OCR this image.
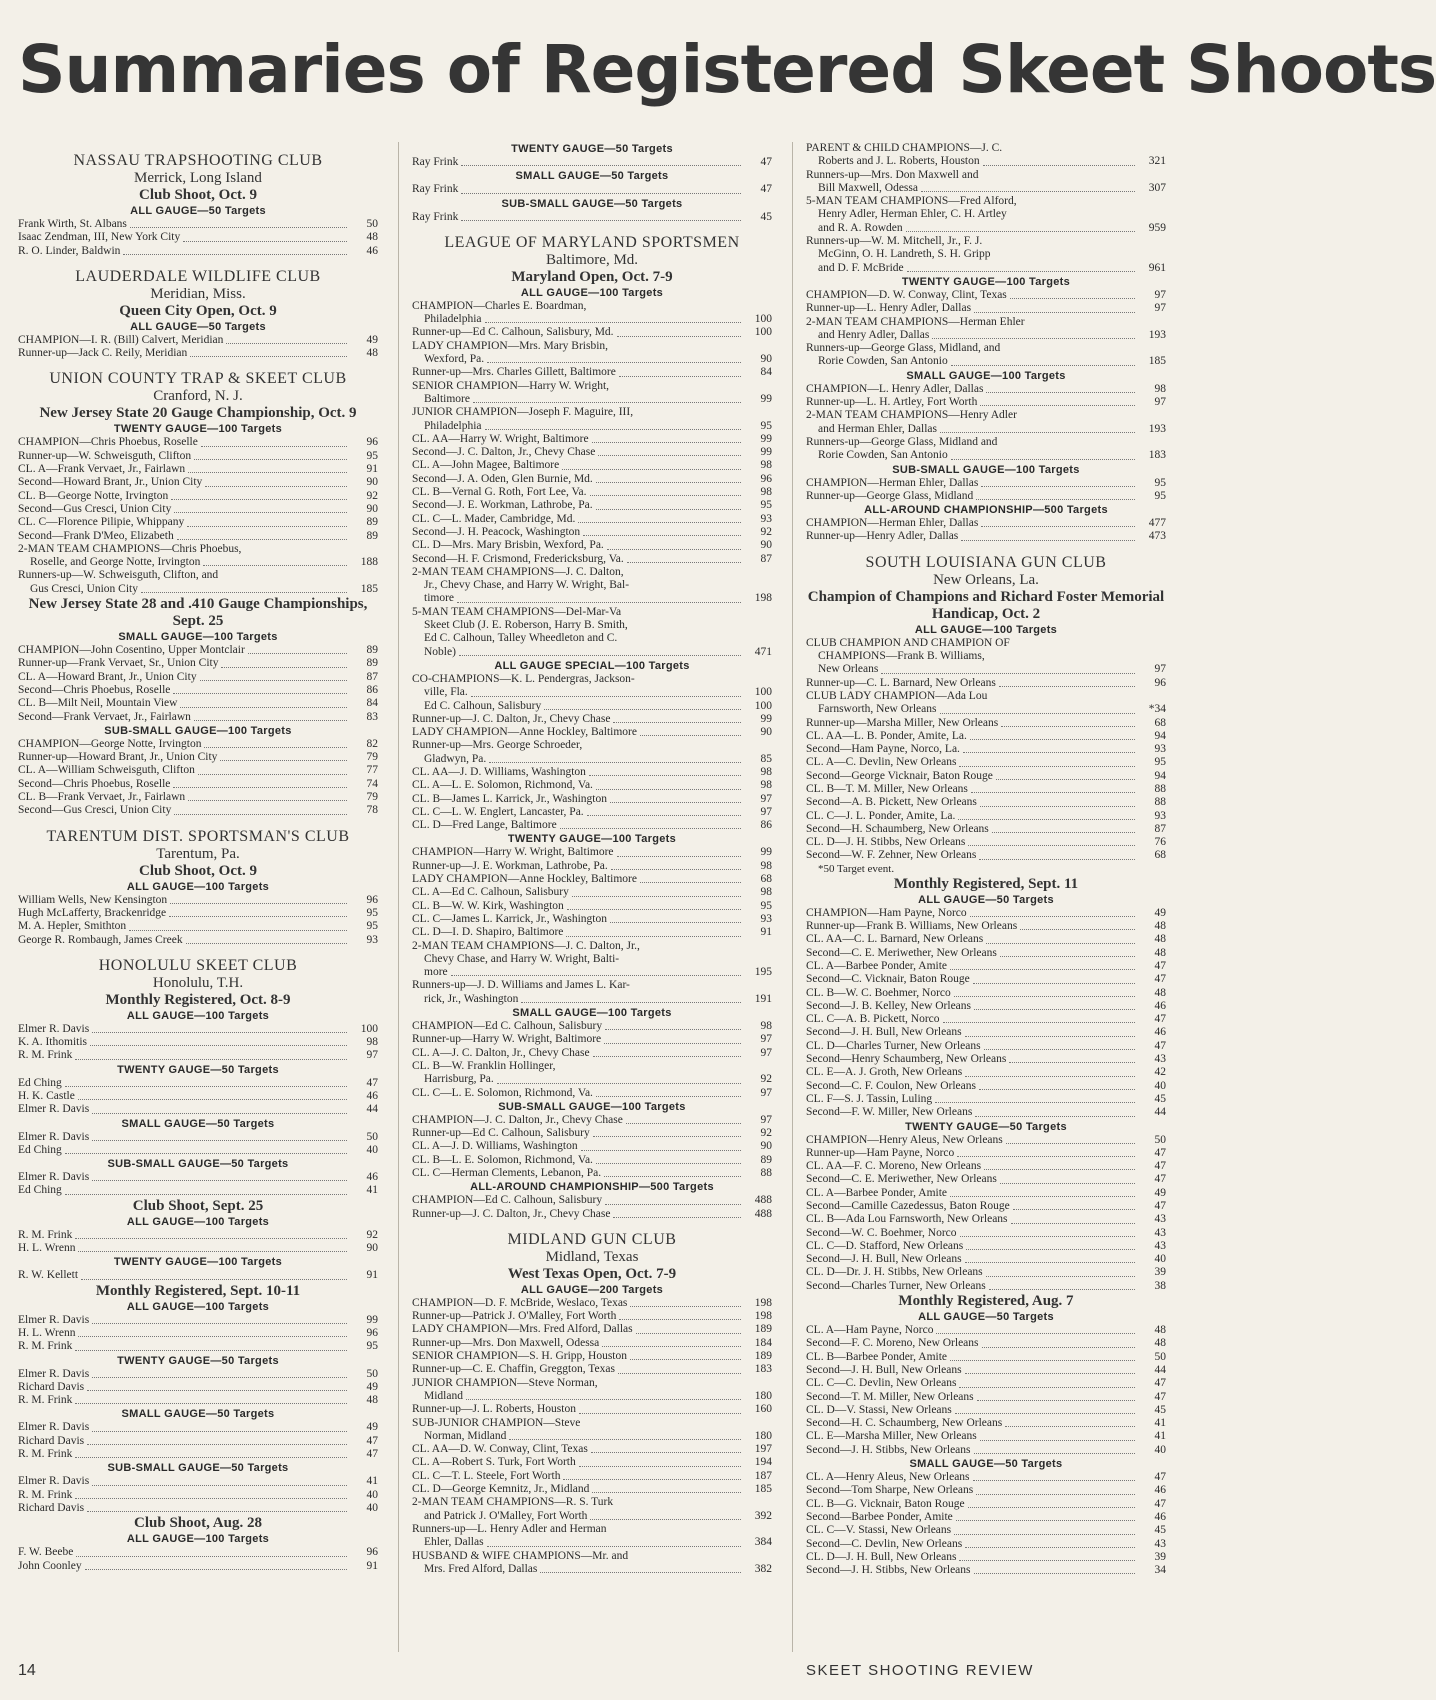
Summaries of Registered Skeet Shoots
NASSAU TRAPSHOOTING CLUB
Merrick, Long Island
Club Shoot, Oct. 9
ALL GAUGE—50 Targets
Frank Wirth, St. Albans	50
Isaac Zendman, III, New York City	48
R. O. Linder, Baldwin	46
LAUDERDALE WILDLIFE CLUB
Meridian, Miss.
Queen City Open, Oct. 9
ALL GAUGE—50 Targets
CHAMPION—I. R. (Bill) Calvert, Meridian	49
Runner-up—Jack C. Reily, Meridian	48
UNION COUNTY TRAP & SKEET CLUB
Cranford, N. J.
New Jersey State 20 Gauge Championship, Oct. 9
TWENTY GAUGE—100 Targets
CHAMPION—Chris Phoebus, Roselle	96
Runner-up—W. Schweisguth, Clifton	95
CL. A—Frank Vervaet, Jr., Fairlawn	91
Second—Howard Brant, Jr., Union City	90
CL. B—George Notte, Irvington	92
Second—Gus Cresci, Union City	90
CL. C—Florence Pilipie, Whippany	89
Second—Frank D'Meo, Elizabeth	89
2-MAN TEAM CHAMPIONS—Chris Phoebus,
Roselle, and George Notte, Irvington	188
Runners-up—W. Schweisguth, Clifton, and
Gus Cresci, Union City	185
New Jersey State 28 and .410 Gauge Championships, Sept. 25
SMALL GAUGE—100 Targets
CHAMPION—John Cosentino, Upper Montclair	89
Runner-up—Frank Vervaet, Sr., Union City	89
CL. A—Howard Brant, Jr., Union City	87
Second—Chris Phoebus, Roselle	86
CL. B—Milt Neil, Mountain View	84
Second—Frank Vervaet, Jr., Fairlawn	83
SUB-SMALL GAUGE—100 Targets
CHAMPION—George Notte, Irvington	82
Runner-up—Howard Brant, Jr., Union City	79
CL. A—William Schweisguth, Clifton	77
Second—Chris Phoebus, Roselle	74
CL. B—Frank Vervaet, Jr., Fairlawn	79
Second—Gus Cresci, Union City	78
TARENTUM DIST. SPORTSMAN'S CLUB
Tarentum, Pa.
Club Shoot, Oct. 9
ALL GAUGE—100 Targets
William Wells, New Kensington	96
Hugh McLafferty, Brackenridge	95
M. A. Hepler, Smithton	95
George R. Rombaugh, James Creek	93
HONOLULU SKEET CLUB
Honolulu, T.H.
Monthly Registered, Oct. 8-9
ALL GAUGE—100 Targets
Elmer R. Davis	100
K. A. Ithomitis	98
R. M. Frink	97
TWENTY GAUGE—50 Targets
Ed Ching	47
H. K. Castle	46
Elmer R. Davis	44
SMALL GAUGE—50 Targets
Elmer R. Davis	50
Ed Ching	40
SUB-SMALL GAUGE—50 Targets
Elmer R. Davis	46
Ed Ching	41
Club Shoot, Sept. 25
ALL GAUGE—100 Targets
R. M. Frink	92
H. L. Wrenn	90
TWENTY GAUGE—100 Targets
R. W. Kellett	91
Monthly Registered, Sept. 10-11
ALL GAUGE—100 Targets
Elmer R. Davis	99
H. L. Wrenn	96
R. M. Frink	95
TWENTY GAUGE—50 Targets
Elmer R. Davis	50
Richard Davis	49
R. M. Frink	48
SMALL GAUGE—50 Targets
Elmer R. Davis	49
Richard Davis	47
R. M. Frink	47
SUB-SMALL GAUGE—50 Targets
Elmer R. Davis	41
R. M. Frink	40
Richard Davis	40
Club Shoot, Aug. 28
ALL GAUGE—100 Targets
F. W. Beebe	96
John Coonley	91
TWENTY GAUGE—50 Targets
Ray Frink	47
SMALL GAUGE—50 Targets
Ray Frink	47
SUB-SMALL GAUGE—50 Targets
Ray Frink	45
LEAGUE OF MARYLAND SPORTSMEN
Baltimore, Md.
Maryland Open, Oct. 7-9
ALL GAUGE—100 Targets
CHAMPION—Charles E. Boardman,
Philadelphia	100
Runner-up—Ed C. Calhoun, Salisbury, Md.	100
LADY CHAMPION—Mrs. Mary Brisbin,
Wexford, Pa.	90
Runner-up—Mrs. Charles Gillett, Baltimore	84
SENIOR CHAMPION—Harry W. Wright,
Baltimore	99
JUNIOR CHAMPION—Joseph F. Maguire, III,
Philadelphia	95
CL. AA—Harry W. Wright, Baltimore	99
Second—J. C. Dalton, Jr., Chevy Chase	99
CL. A—John Magee, Baltimore	98
Second—J. A. Oden, Glen Burnie, Md.	96
CL. B—Vernal G. Roth, Fort Lee, Va.	98
Second—J. E. Workman, Lathrobe, Pa.	95
CL. C—L. Mader, Cambridge, Md.	93
Second—J. H. Peacock, Washington	92
CL. D—Mrs. Mary Brisbin, Wexford, Pa.	90
Second—H. F. Crismond, Fredericksburg, Va.	87
2-MAN TEAM CHAMPIONS—J. C. Dalton,
Jr., Chevy Chase, and Harry W. Wright, Bal-
timore	198
5-MAN TEAM CHAMPIONS—Del-Mar-Va
Skeet Club (J. E. Roberson, Harry B. Smith,
Ed C. Calhoun, Talley Wheedleton and C.
Noble)	471
ALL GAUGE SPECIAL—100 Targets
CO-CHAMPIONS—K. L. Pendergras, Jackson-
ville, Fla.	100
Ed C. Calhoun, Salisbury	100
Runner-up—J. C. Dalton, Jr., Chevy Chase	99
LADY CHAMPION—Anne Hockley, Baltimore	90
Runner-up—Mrs. George Schroeder,
Gladwyn, Pa.	85
CL. AA—J. D. Williams, Washington	98
CL. A—L. E. Solomon, Richmond, Va.	98
CL. B—James L. Karrick, Jr., Washington	97
CL. C—L. W. Englert, Lancaster, Pa.	97
CL. D—Fred Lange, Baltimore	86
TWENTY GAUGE—100 Targets
CHAMPION—Harry W. Wright, Baltimore	99
Runner-up—J. E. Workman, Lathrobe, Pa.	98
LADY CHAMPION—Anne Hockley, Baltimore	68
CL. A—Ed C. Calhoun, Salisbury	98
CL. B—W. W. Kirk, Washington	95
CL. C—James L. Karrick, Jr., Washington	93
CL. D—I. D. Shapiro, Baltimore	91
2-MAN TEAM CHAMPIONS—J. C. Dalton, Jr.,
Chevy Chase, and Harry W. Wright, Balti-
more	195
Runners-up—J. D. Williams and James L. Kar-
rick, Jr., Washington	191
SMALL GAUGE—100 Targets
CHAMPION—Ed C. Calhoun, Salisbury	98
Runner-up—Harry W. Wright, Baltimore	97
CL. A—J. C. Dalton, Jr., Chevy Chase	97
CL. B—W. Franklin Hollinger,
Harrisburg, Pa.	92
CL. C—L. E. Solomon, Richmond, Va.	97
SUB-SMALL GAUGE—100 Targets
CHAMPION—J. C. Dalton, Jr., Chevy Chase	97
Runner-up—Ed C. Calhoun, Salisbury	92
CL. A—J. D. Williams, Washington	90
CL. B—L. E. Solomon, Richmond, Va.	89
CL. C—Herman Clements, Lebanon, Pa.	88
ALL-AROUND CHAMPIONSHIP—500 Targets
CHAMPION—Ed C. Calhoun, Salisbury	488
Runner-up—J. C. Dalton, Jr., Chevy Chase	488
MIDLAND GUN CLUB
Midland, Texas
West Texas Open, Oct. 7-9
ALL GAUGE—200 Targets
CHAMPION—D. F. McBride, Weslaco, Texas	198
Runner-up—Patrick J. O'Malley, Fort Worth	198
LADY CHAMPION—Mrs. Fred Alford, Dallas	189
Runner-up—Mrs. Don Maxwell, Odessa	184
SENIOR CHAMPION—S. H. Gripp, Houston	189
Runner-up—C. E. Chaffin, Greggton, Texas	183
JUNIOR CHAMPION—Steve Norman,
Midland	180
Runner-up—J. L. Roberts, Houston	160
SUB-JUNIOR CHAMPION—Steve
Norman, Midland	180
CL. AA—D. W. Conway, Clint, Texas	197
CL. A—Robert S. Turk, Fort Worth	194
CL. C—T. L. Steele, Fort Worth	187
CL. D—George Kemnitz, Jr., Midland	185
2-MAN TEAM CHAMPIONS—R. S. Turk
and Patrick J. O'Malley, Fort Worth	392
Runners-up—L. Henry Adler and Herman
Ehler, Dallas	384
HUSBAND & WIFE CHAMPIONS—Mr. and
Mrs. Fred Alford, Dallas	382
PARENT & CHILD CHAMPIONS—J. C.
Roberts and J. L. Roberts, Houston	321
Runners-up—Mrs. Don Maxwell and
Bill Maxwell, Odessa	307
5-MAN TEAM CHAMPIONS—Fred Alford,
Henry Adler, Herman Ehler, C. H. Artley
and R. A. Rowden	959
Runners-up—W. M. Mitchell, Jr., F. J.
McGinn, O. H. Landreth, S. H. Gripp
and D. F. McBride	961
TWENTY GAUGE—100 Targets
CHAMPION—D. W. Conway, Clint, Texas	97
Runner-up—L. Henry Adler, Dallas	97
2-MAN TEAM CHAMPIONS—Herman Ehler
and Henry Adler, Dallas	193
Runners-up—George Glass, Midland, and
Rorie Cowden, San Antonio	185
SMALL GAUGE—100 Targets
CHAMPION—L. Henry Adler, Dallas	98
Runner-up—L. H. Artley, Fort Worth	97
2-MAN TEAM CHAMPIONS—Henry Adler
and Herman Ehler, Dallas	193
Runners-up—George Glass, Midland and
Rorie Cowden, San Antonio	183
SUB-SMALL GAUGE—100 Targets
CHAMPION—Herman Ehler, Dallas	95
Runner-up—George Glass, Midland	95
ALL-AROUND CHAMPIONSHIP—500 Targets
CHAMPION—Herman Ehler, Dallas	477
Runner-up—Henry Adler, Dallas	473
SOUTH LOUISIANA GUN CLUB
New Orleans, La.
Champion of Champions and Richard Foster Memorial Handicap, Oct. 2
ALL GAUGE—100 Targets
CLUB CHAMPION AND CHAMPION OF
CHAMPIONS—Frank B. Williams,
New Orleans	97
Runner-up—C. L. Barnard, New Orleans	96
CLUB LADY CHAMPION—Ada Lou
Farnsworth, New Orleans	*34
Runner-up—Marsha Miller, New Orleans	68
CL. AA—L. B. Ponder, Amite, La.	94
Second—Ham Payne, Norco, La.	93
CL. A—C. Devlin, New Orleans	95
Second—George Vicknair, Baton Rouge	94
CL. B—T. M. Miller, New Orleans	88
Second—A. B. Pickett, New Orleans	88
CL. C—J. L. Ponder, Amite, La.	93
Second—H. Schaumberg, New Orleans	87
CL. D—J. H. Stibbs, New Orleans	76
Second—W. F. Zehner, New Orleans	68
*50 Target event.
Monthly Registered, Sept. 11
ALL GAUGE—50 Targets
CHAMPION—Ham Payne, Norco	49
Runner-up—Frank B. Williams, New Orleans	48
CL. AA—C. L. Barnard, New Orleans	48
Second—C. E. Meriwether, New Orleans	48
CL. A—Barbee Ponder, Amite	47
Second—C. Vicknair, Baton Rouge	47
CL. B—W. C. Boehmer, Norco	48
Second—J. B. Kelley, New Orleans	46
CL. C—A. B. Pickett, Norco	47
Second—J. H. Bull, New Orleans	46
CL. D—Charles Turner, New Orleans	47
Second—Henry Schaumberg, New Orleans	43
CL. E—A. J. Groth, New Orleans	42
Second—C. F. Coulon, New Orleans	40
CL. F—S. J. Tassin, Luling	45
Second—F. W. Miller, New Orleans	44
TWENTY GAUGE—50 Targets
CHAMPION—Henry Aleus, New Orleans	50
Runner-up—Ham Payne, Norco	47
CL. AA—F. C. Moreno, New Orleans	47
Second—C. E. Meriwether, New Orleans	47
CL. A—Barbee Ponder, Amite	49
Second—Camille Cazedessus, Baton Rouge	47
CL. B—Ada Lou Farnsworth, New Orleans	43
Second—W. C. Boehmer, Norco	43
CL. C—D. Stafford, New Orleans	43
Second—J. H. Bull, New Orleans	40
CL. D—Dr. J. H. Stibbs, New Orleans	39
Second—Charles Turner, New Orleans	38
Monthly Registered, Aug. 7
ALL GAUGE—50 Targets
CL. A—Ham Payne, Norco	48
Second—F. C. Moreno, New Orleans	48
CL. B—Barbee Ponder, Amite	50
Second—J. H. Bull, New Orleans	44
CL. C—C. Devlin, New Orleans	47
Second—T. M. Miller, New Orleans	47
CL. D—V. Stassi, New Orleans	45
Second—H. C. Schaumberg, New Orleans	41
CL. E—Marsha Miller, New Orleans	41
Second—J. H. Stibbs, New Orleans	40
SMALL GAUGE—50 Targets
CL. A—Henry Aleus, New Orleans	47
Second—Tom Sharpe, New Orleans	46
CL. B—G. Vicknair, Baton Rouge	47
Second—Barbee Ponder, Amite	46
CL. C—V. Stassi, New Orleans	45
Second—C. Devlin, New Orleans	43
CL. D—J. H. Bull, New Orleans	39
Second—J. H. Stibbs, New Orleans	34
14	SKEET SHOOTING REVIEW
